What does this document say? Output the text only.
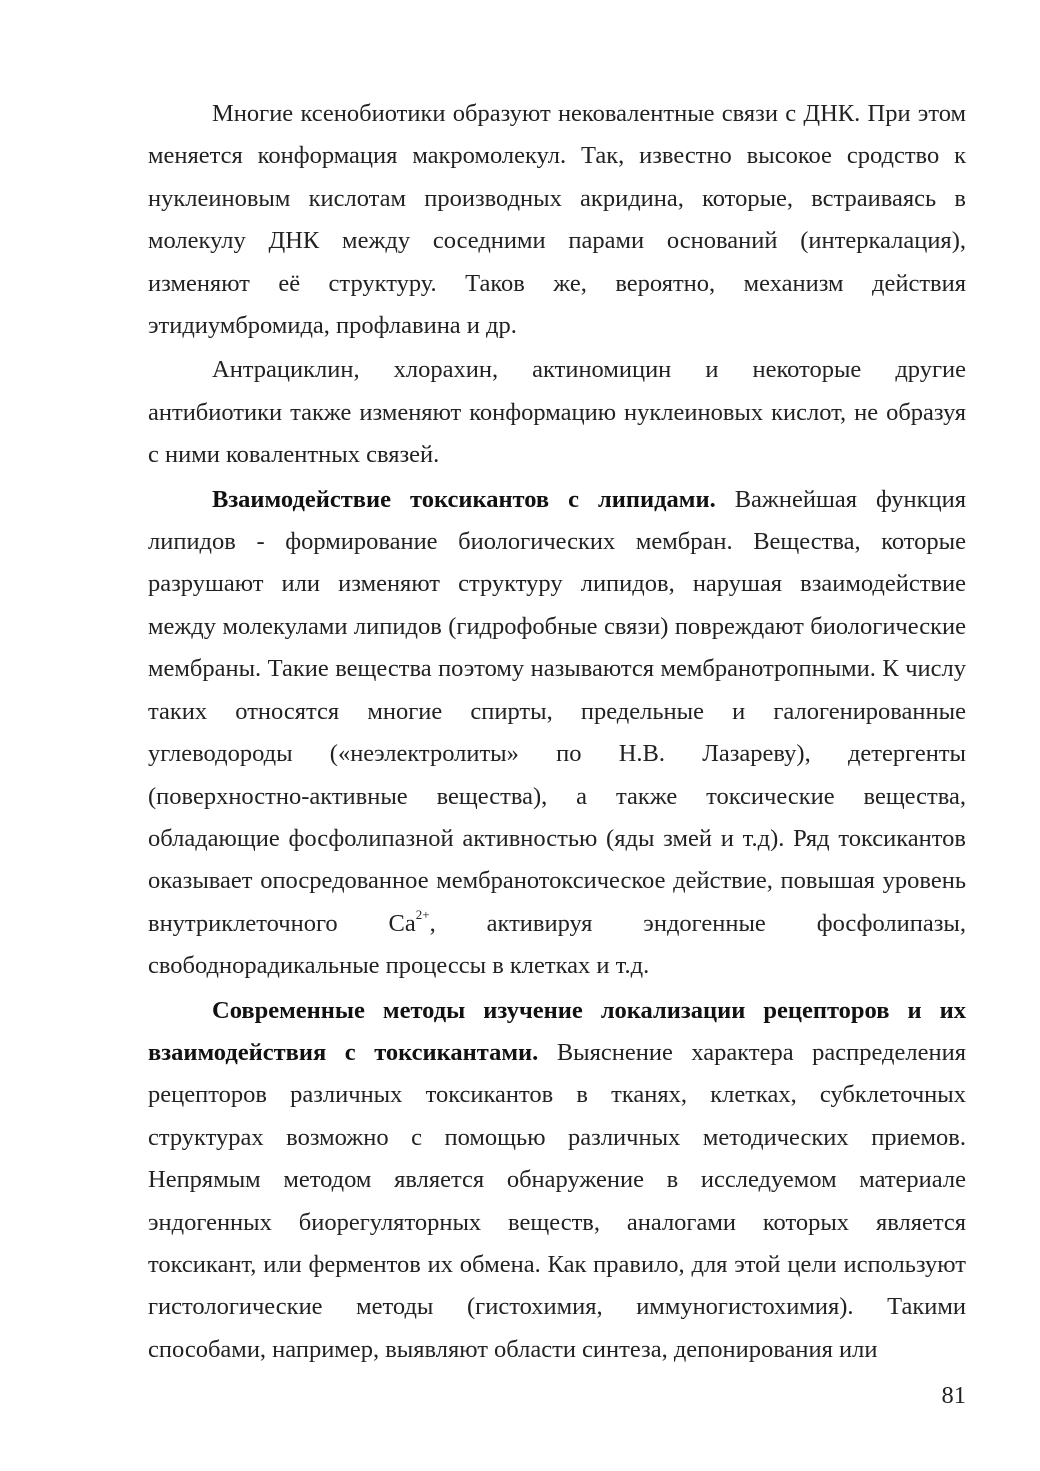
Многие ксенобиотики образуют нековалентные связи с ДНК. При этом меняется конформация макромолекул. Так, известно высокое сродство к нуклеиновым кислотам производных акридина, которые, встраиваясь в молекулу ДНК между соседними парами оснований (интеркалация), изменяют её структуру. Таков же, вероятно, механизм действия этидиумбромида, профлавина и др.

Антрациклин, хлорахин, актиномицин и некоторые другие антибиотики также изменяют конформацию нуклеиновых кислот, не образуя с ними ковалентных связей.

Взаимодействие токсикантов с липидами. Важнейшая функция липидов - формирование биологических мембран. Вещества, которые разрушают или изменяют структуру липидов, нарушая взаимодействие между молекулами липидов (гидрофобные связи) повреждают биологические мембраны. Такие вещества поэтому называются мембранотропными. К числу таких относятся многие спирты, предельные и галогенированные углеводороды («неэлектролиты» по Н.В. Лазареву), детергенты (поверхностно-активные вещества), а также токсические вещества, обладающие фосфолипазной активностью (яды змей и т.д). Ряд токсикантов оказывает опосредованное мембранотоксическое действие, повышая уровень внутриклеточного $Ca^{2+}$, активируя эндогенные фосфолипазы, свободнорадикальные процессы в клетках и т.д.

Современные методы изучение локализации рецепторов и их взаимодействия с токсикантами. Выяснение характера распределения рецепторов различных токсикантов в тканях, клетках, субклеточных структурах возможно с помощью различных методических приемов. Непрямым методом является обнаружение в исследуемом материале эндогенных биорегуляторных веществ, аналогами которых является токсикант, или ферментов их обмена. Как правило, для этой цели используют гистологические методы (гистохимия, иммуногистохимия). Такими способами, например, выявляют области синтеза, депонирования или

81
